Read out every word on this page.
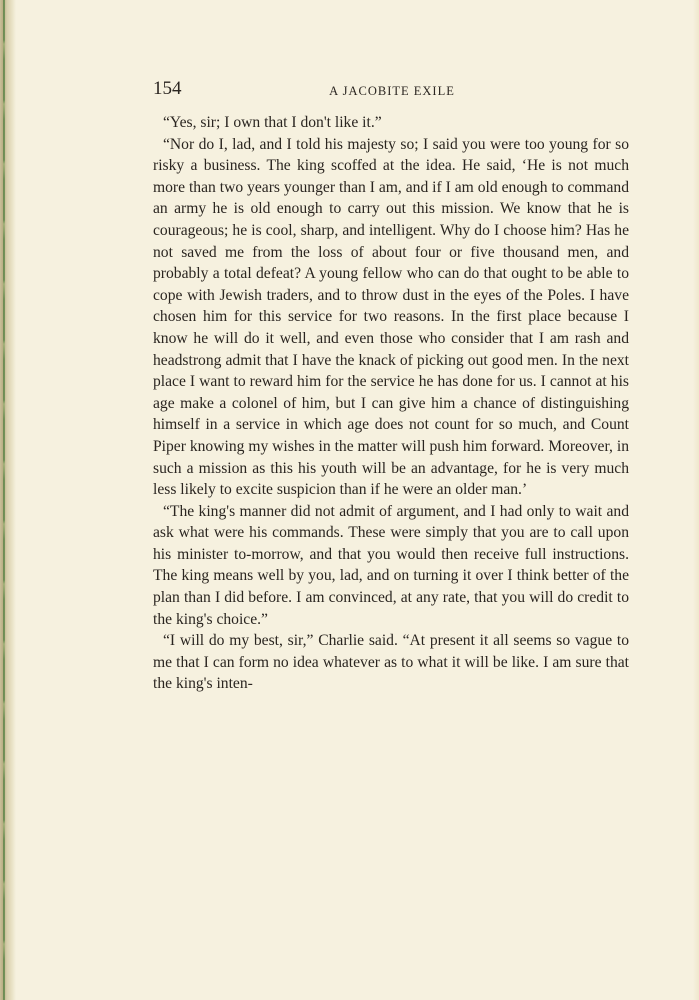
154	A JACOBITE EXILE

“Yes, sir; I own that I don't like it.”

“Nor do I, lad, and I told his majesty so; I said you were too young for so risky a business. The king scoffed at the idea. He said, ‘He is not much more than two years younger than I am, and if I am old enough to command an army he is old enough to carry out this mission. We know that he is courageous; he is cool, sharp, and intelligent. Why do I choose him? Has he not saved me from the loss of about four or five thousand men, and probably a total defeat? A young fellow who can do that ought to be able to cope with Jewish traders, and to throw dust in the eyes of the Poles. I have chosen him for this service for two reasons. In the first place because I know he will do it well, and even those who consider that I am rash and headstrong admit that I have the knack of picking out good men. In the next place I want to reward him for the service he has done for us. I cannot at his age make a colonel of him, but I can give him a chance of distinguishing himself in a service in which age does not count for so much, and Count Piper knowing my wishes in the matter will push him forward. Moreover, in such a mission as this his youth will be an advantage, for he is very much less likely to excite suspicion than if he were an older man.’

“The king's manner did not admit of argument, and I had only to wait and ask what were his commands. These were simply that you are to call upon his minister to-morrow, and that you would then receive full instructions. The king means well by you, lad, and on turning it over I think better of the plan than I did before. I am convinced, at any rate, that you will do credit to the king's choice.”

“I will do my best, sir,” Charlie said. “At present it all seems so vague to me that I can form no idea whatever as to what it will be like. I am sure that the king's inten-
